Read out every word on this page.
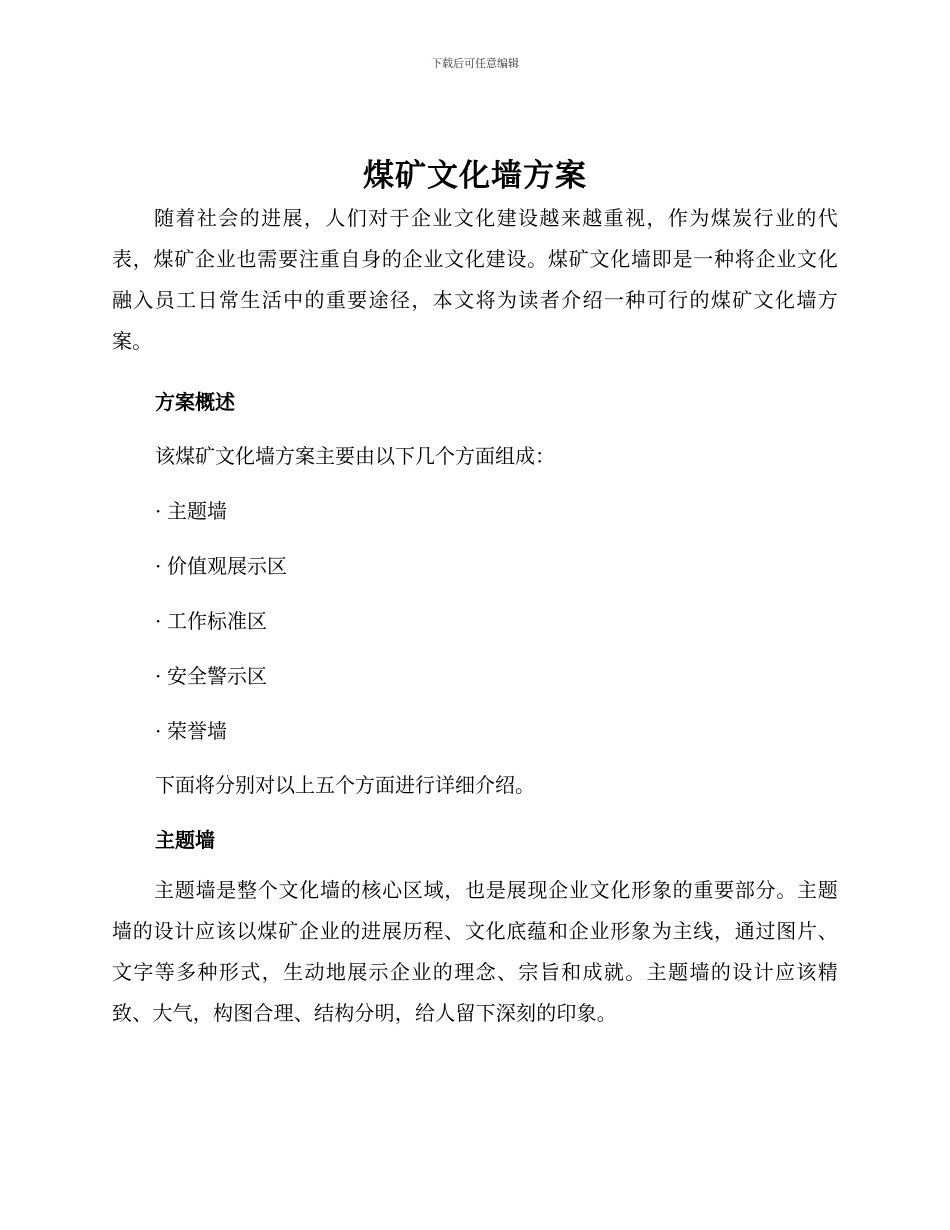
下载后可任意编辑
煤矿文化墙方案

随着社会的进展，人们对于企业文化建设越来越重视，作为煤炭行业的代表，煤矿企业也需要注重自身的企业文化建设。煤矿文化墙即是一种将企业文化融入员工日常生活中的重要途径，本文将为读者介绍一种可行的煤矿文化墙方案。

方案概述
该煤矿文化墙方案主要由以下几个方面组成：
· 主题墙
· 价值观展示区
· 工作标准区
· 安全警示区
· 荣誉墙
下面将分别对以上五个方面进行详细介绍。
主题墙

主题墙是整个文化墙的核心区域，也是展现企业文化形象的重要部分。主题墙的设计应该以煤矿企业的进展历程、文化底蕴和企业形象为主线，通过图片、文字等多种形式，生动地展示企业的理念、宗旨和成就。主题墙的设计应该精致、大气，构图合理、结构分明，给人留下深刻的印象。
